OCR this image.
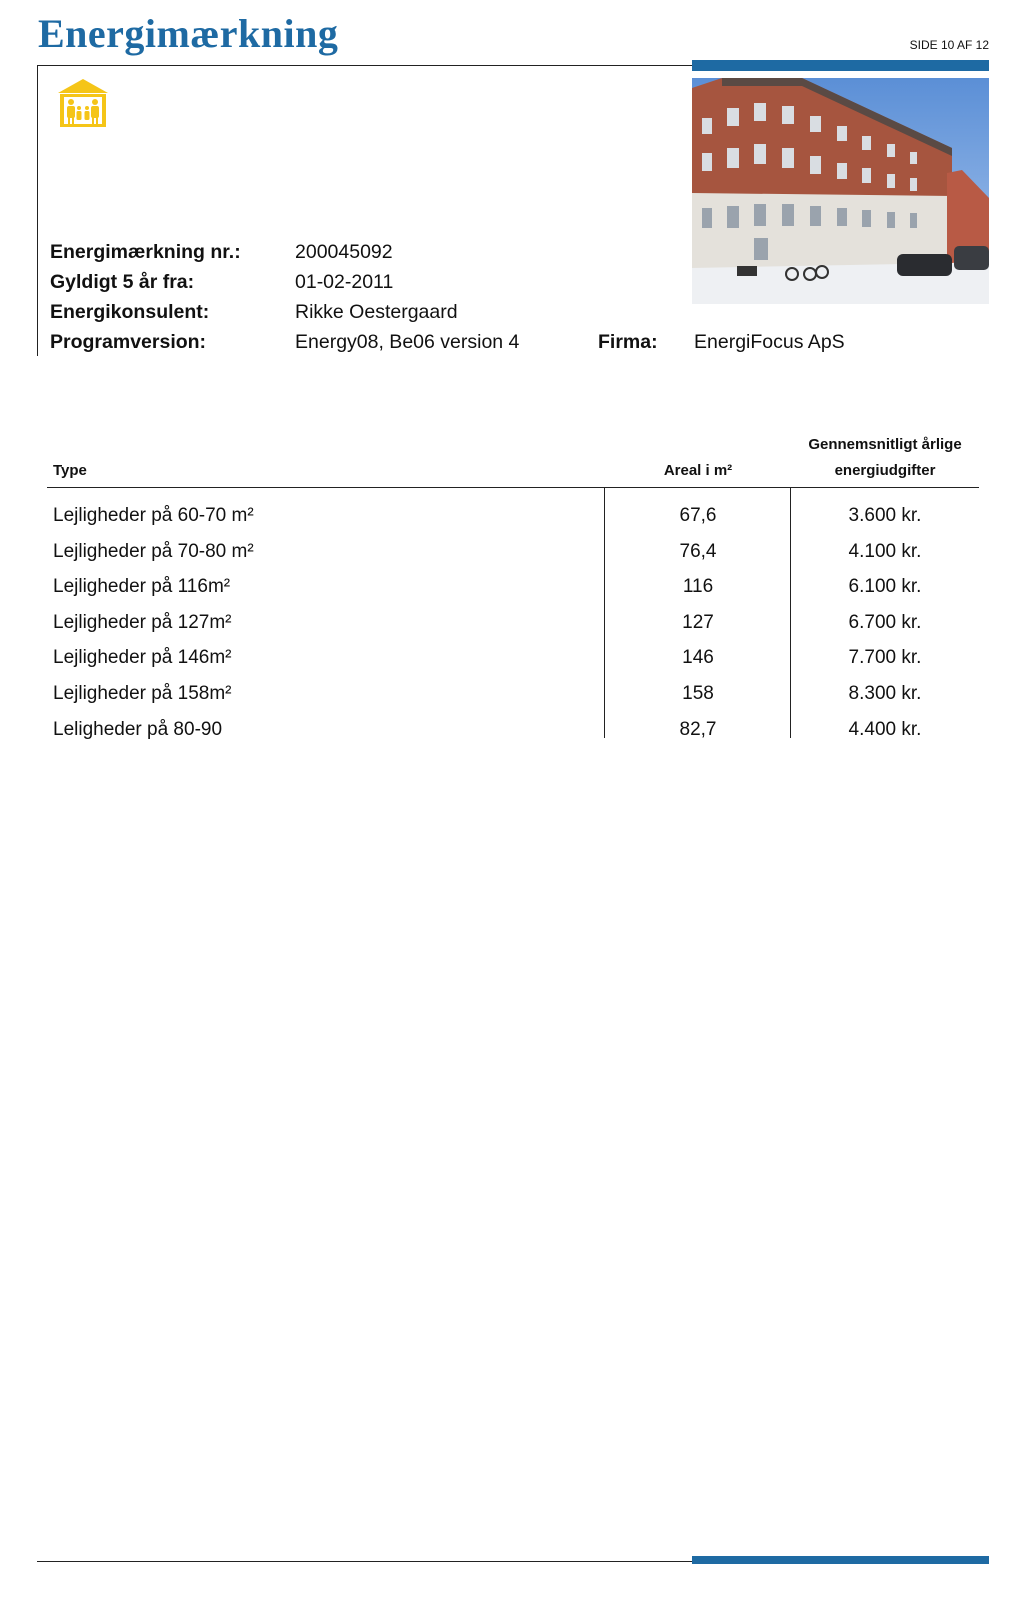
Energimærkning	SIDE 10 AF 12
Energimærkning nr.:	200045092
Gyldigt 5 år fra:	01-02-2011
Energikonsulent:	Rikke Oestergaard
Programversion:	Energy08, Be06 version 4	Firma: EnergiFocus ApS
Type	Areal i m²
Gennemsnitligt årlige
energiudgifter
Lejligheder på 60-70 m²	67,6	3.600 kr.
Lejligheder på 70-80 m²	76,4	4.100 kr.
Lejligheder på 116m²	116	6.100 kr.
Lejligheder på 127m²	127	6.700 kr.
Lejligheder på 146m²	146	7.700 kr.
Lejligheder på 158m²	158	8.300 kr.
Leligheder på 80-90	82,7	4.400 kr.
